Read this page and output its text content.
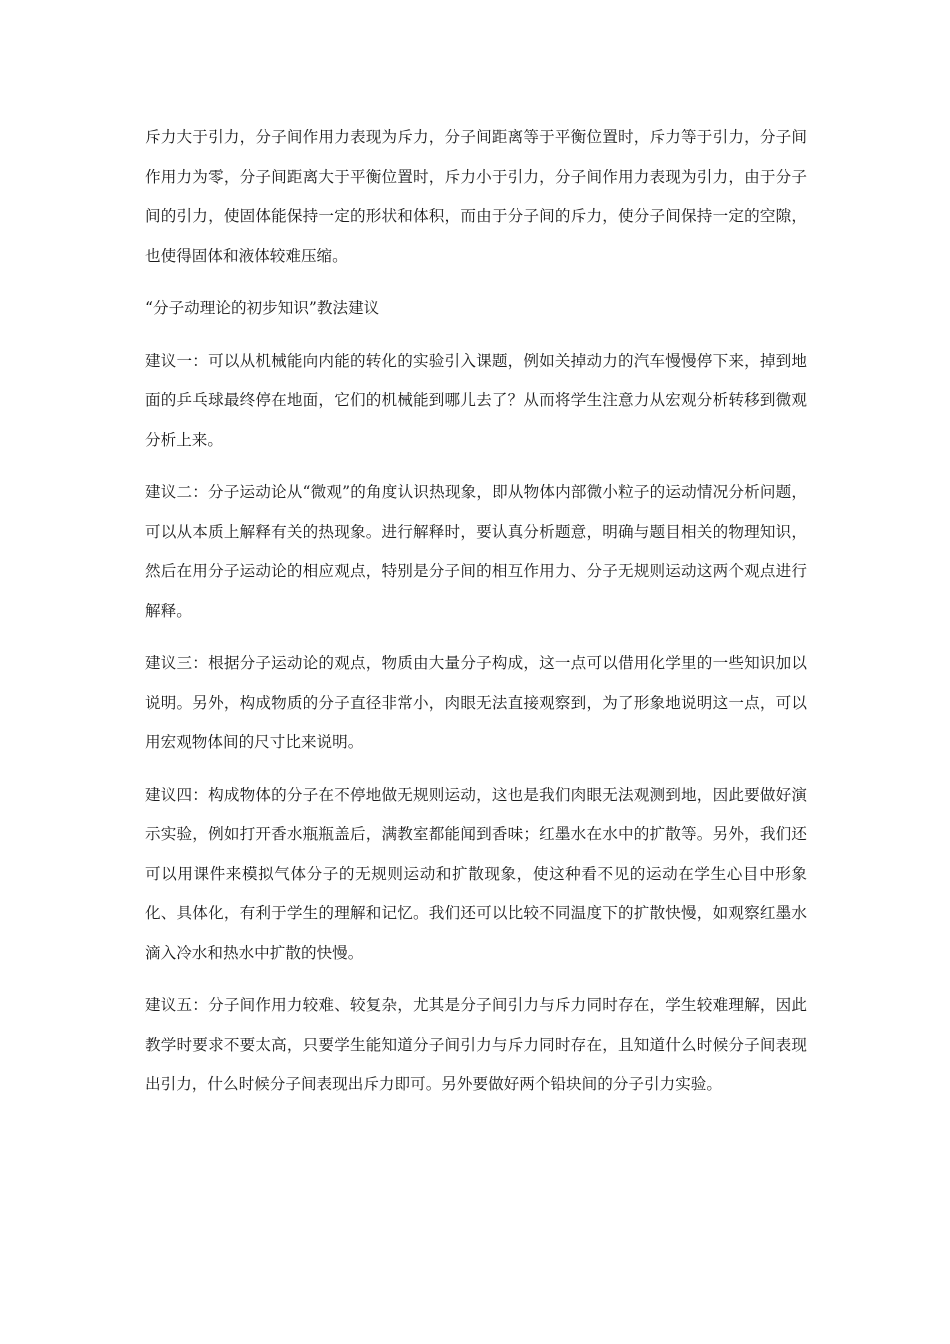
斥力大于引力，分子间作用力表现为斥力，分子间距离等于平衡位置时，斥力等于引力，分子间作用力为零，分子间距离大于平衡位置时，斥力小于引力，分子间作用力表现为引力，由于分子间的引力，使固体能保持一定的形状和体积，而由于分子间的斥力，使分子间保持一定的空隙，也使得固体和液体较难压缩。

“分子动理论的初步知识”教法建议

建议一：可以从机械能向内能的转化的实验引入课题，例如关掉动力的汽车慢慢停下来，掉到地面的乒乓球最终停在地面，它们的机械能到哪儿去了？从而将学生注意力从宏观分析转移到微观分析上来。

建议二：分子运动论从“微观”的角度认识热现象，即从物体内部微小粒子的运动情况分析问题，可以从本质上解释有关的热现象。进行解释时，要认真分析题意，明确与题目相关的物理知识，然后在用分子运动论的相应观点，特别是分子间的相互作用力、分子无规则运动这两个观点进行解释。

建议三：根据分子运动论的观点，物质由大量分子构成，这一点可以借用化学里的一些知识加以说明。另外，构成物质的分子直径非常小，肉眼无法直接观察到，为了形象地说明这一点，可以用宏观物体间的尺寸比来说明。

建议四：构成物体的分子在不停地做无规则运动，这也是我们肉眼无法观测到地，因此要做好演示实验，例如打开香水瓶瓶盖后，满教室都能闻到香味；红墨水在水中的扩散等。另外，我们还可以用课件来模拟气体分子的无规则运动和扩散现象，使这种看不见的运动在学生心目中形象化、具体化，有利于学生的理解和记忆。我们还可以比较不同温度下的扩散快慢，如观察红墨水滴入冷水和热水中扩散的快慢。

建议五：分子间作用力较难、较复杂，尤其是分子间引力与斥力同时存在，学生较难理解，因此教学时要求不要太高，只要学生能知道分子间引力与斥力同时存在，且知道什么时候分子间表现出引力，什么时候分子间表现出斥力即可。另外要做好两个铅块间的分子引力实验。
